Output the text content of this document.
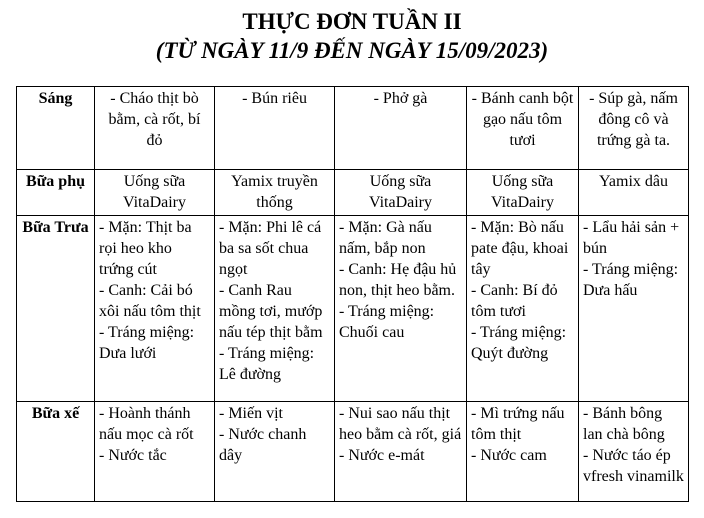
THỰC ĐƠN TUẦN II
(TỪ NGÀY 11/9 ĐẾN NGÀY 15/09/2023)
Sáng	- Cháo thịt bò bằm, cà rốt, bí đỏ	- Bún riêu	- Phở gà	- Bánh canh bột gạo nấu tôm tươi	- Súp gà, nấm đông cô và trứng gà ta.

Bữa phụ	Uống sữa VitaDairy	Yamix truyền thống	Uống sữa VitaDairy	Uống sữa VitaDairy	Yamix dâu

Bữa Trưa	- Mặn: Thịt ba rọi heo kho trứng cút
- Canh: Cải bó xôi nấu tôm thịt
- Tráng miệng: Dưa lưới	- Mặn: Phi lê cá ba sa sốt chua ngọt
- Canh Rau mồng tơi, mướp nấu tép thịt bằm
- Tráng miệng: Lê đường	- Mặn: Gà nấu nấm, bắp non
- Canh: Hẹ đậu hủ non, thịt heo bằm.
- Tráng miệng: Chuối cau	- Mặn: Bò nấu pate đậu, khoai tây
- Canh: Bí đỏ tôm tươi
- Tráng miệng: Quýt đường	- Lẩu hải sản + bún
- Tráng miệng: Dưa hấu

Bữa xế	- Hoành thánh nấu mọc cà rốt
- Nước tắc	- Miến vịt
- Nước chanh dây	- Nui sao nấu thịt heo bằm cà rốt, giá
- Nước e-mát	- Mì trứng nấu tôm thịt
- Nước cam	- Bánh bông lan chà bông
- Nước táo ép vfresh vinamilk
